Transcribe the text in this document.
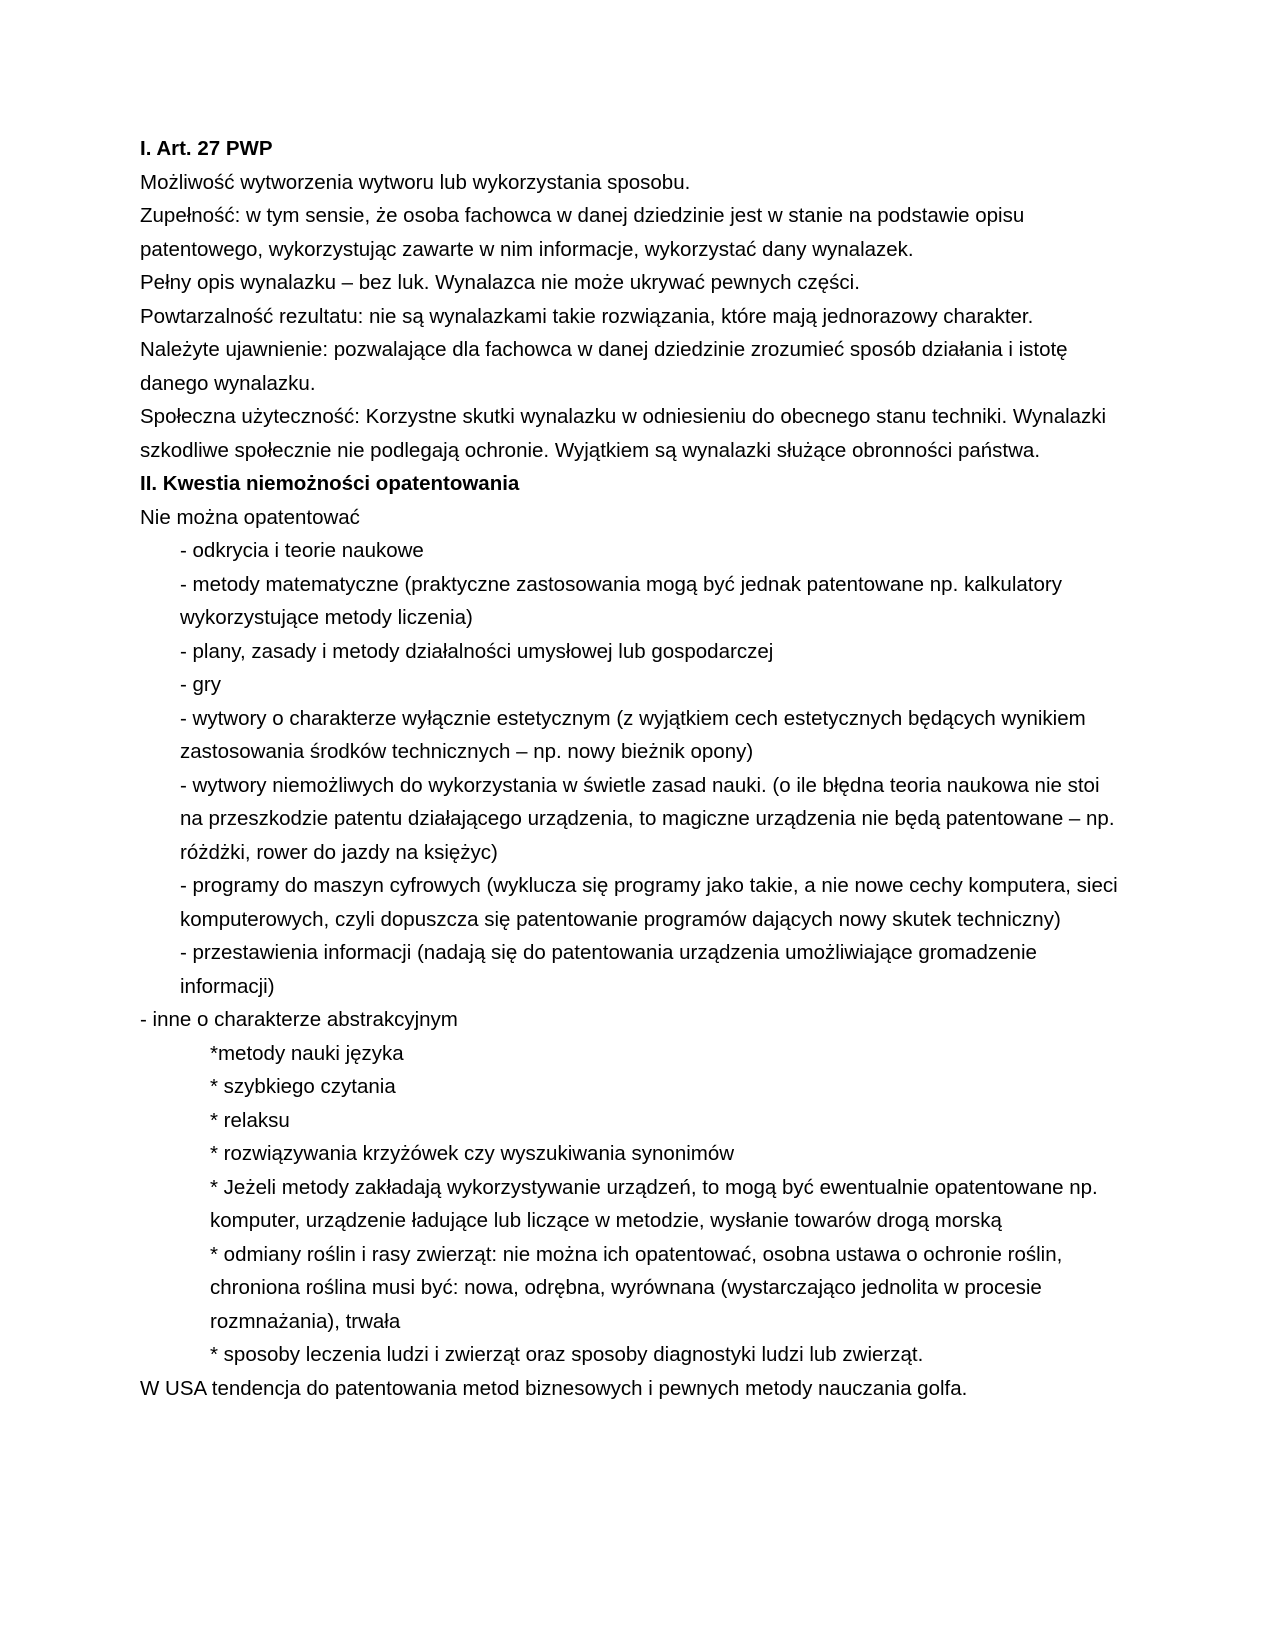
I. Art. 27 PWP
Możliwość wytworzenia wytworu lub wykorzystania sposobu.
Zupełność: w tym sensie, że osoba fachowca w danej dziedzinie jest w stanie na podstawie opisu patentowego, wykorzystując zawarte w nim informacje, wykorzystać dany wynalazek.
Pełny opis wynalazku – bez luk. Wynalazca nie może ukrywać pewnych części.
Powtarzalność rezultatu: nie są wynalazkami takie rozwiązania, które mają jednorazowy charakter.
Należyte ujawnienie: pozwalające dla fachowca w danej dziedzinie zrozumieć sposób działania i istotę danego wynalazku.
Społeczna użyteczność: Korzystne skutki wynalazku w odniesieniu do obecnego stanu techniki. Wynalazki szkodliwe społecznie nie podlegają ochronie. Wyjątkiem są wynalazki służące obronności państwa.
II. Kwestia niemożności opatentowania
Nie można opatentować
- odkrycia i teorie naukowe
- metody matematyczne (praktyczne zastosowania mogą być jednak patentowane np. kalkulatory wykorzystujące metody liczenia)
- plany, zasady i metody działalności umysłowej lub gospodarczej
- gry
- wytwory o charakterze wyłącznie estetycznym (z wyjątkiem cech estetycznych będących wynikiem zastosowania środków technicznych – np. nowy bieżnik opony)
- wytwory niemożliwych do wykorzystania w świetle zasad nauki. (o ile błędna teoria naukowa nie stoi na przeszkodzie patentu działającego urządzenia, to magiczne urządzenia nie będą patentowane – np. różdżki, rower do jazdy na księżyc)
- programy do maszyn cyfrowych (wyklucza się programy jako takie, a nie nowe cechy komputera, sieci komputerowych, czyli dopuszcza się patentowanie programów dających nowy skutek techniczny)
- przestawienia informacji (nadają się do patentowania urządzenia umożliwiające gromadzenie informacji)
- inne o charakterze abstrakcyjnym
*metody nauki języka
* szybkiego czytania
* relaksu
* rozwiązywania krzyżówek czy wyszukiwania synonimów
* Jeżeli metody zakładają wykorzystywanie urządzeń, to mogą być ewentualnie opatentowane np. komputer, urządzenie ładujące lub liczące w metodzie, wysłanie towarów drogą morską
* odmiany roślin i rasy zwierząt: nie można ich opatentować, osobna ustawa o ochronie roślin, chroniona roślina musi być: nowa, odrębna, wyrównana (wystarczająco jednolita w procesie rozmnażania), trwała
* sposoby leczenia ludzi i zwierząt oraz sposoby diagnostyki ludzi lub zwierząt.
W USA tendencja do patentowania metod biznesowych i pewnych metody nauczania golfa.
